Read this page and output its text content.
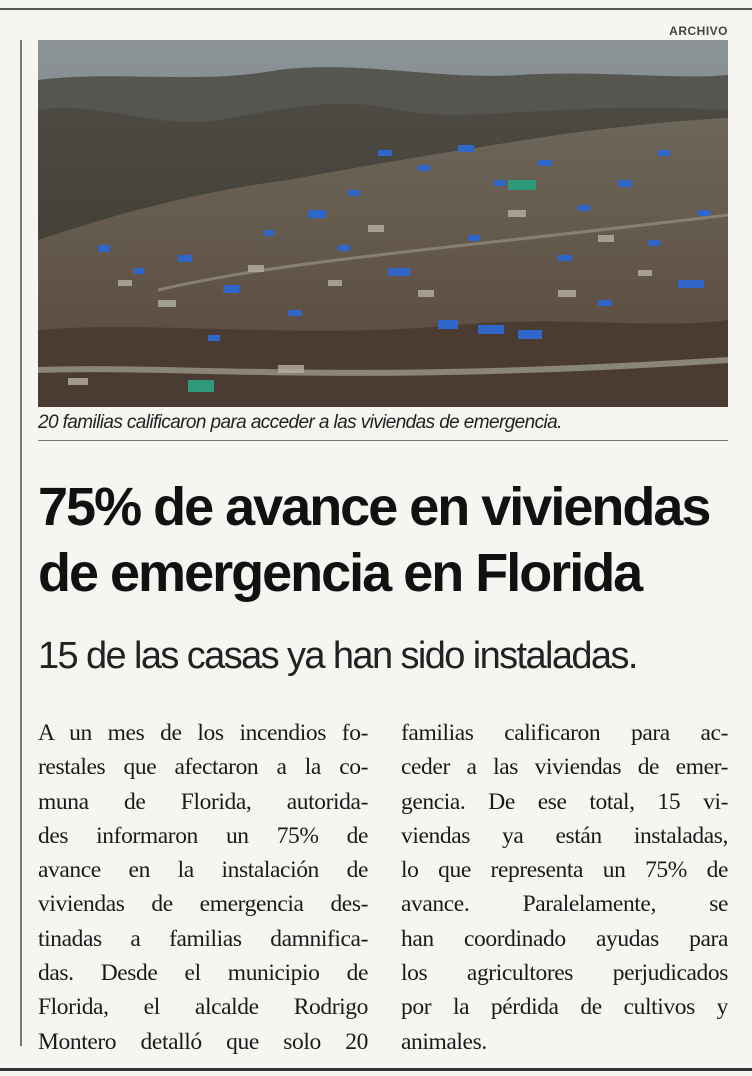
ARCHIVO
20 familias calificaron para acceder a las viviendas de emergencia.
75% de avance en viviendas
de emergencia en Florida
15 de las casas ya han sido instaladas.

A un mes de los incendios fo-
restales que afectaron a la co-
muna de Florida, autorida-
des informaron un 75% de
avance en la instalación de
viviendas de emergencia des-
tinadas a familias damnifica-
das. Desde el municipio de
Florida, el alcalde Rodrigo
Montero detalló que solo 20

familias calificaron para ac-
ceder a las viviendas de emer-
gencia. De ese total, 15 vi-
viendas ya están instaladas,
lo que representa un 75% de
avance. Paralelamente, se
han coordinado ayudas para
los agricultores perjudicados
por la pérdida de cultivos y
animales.
